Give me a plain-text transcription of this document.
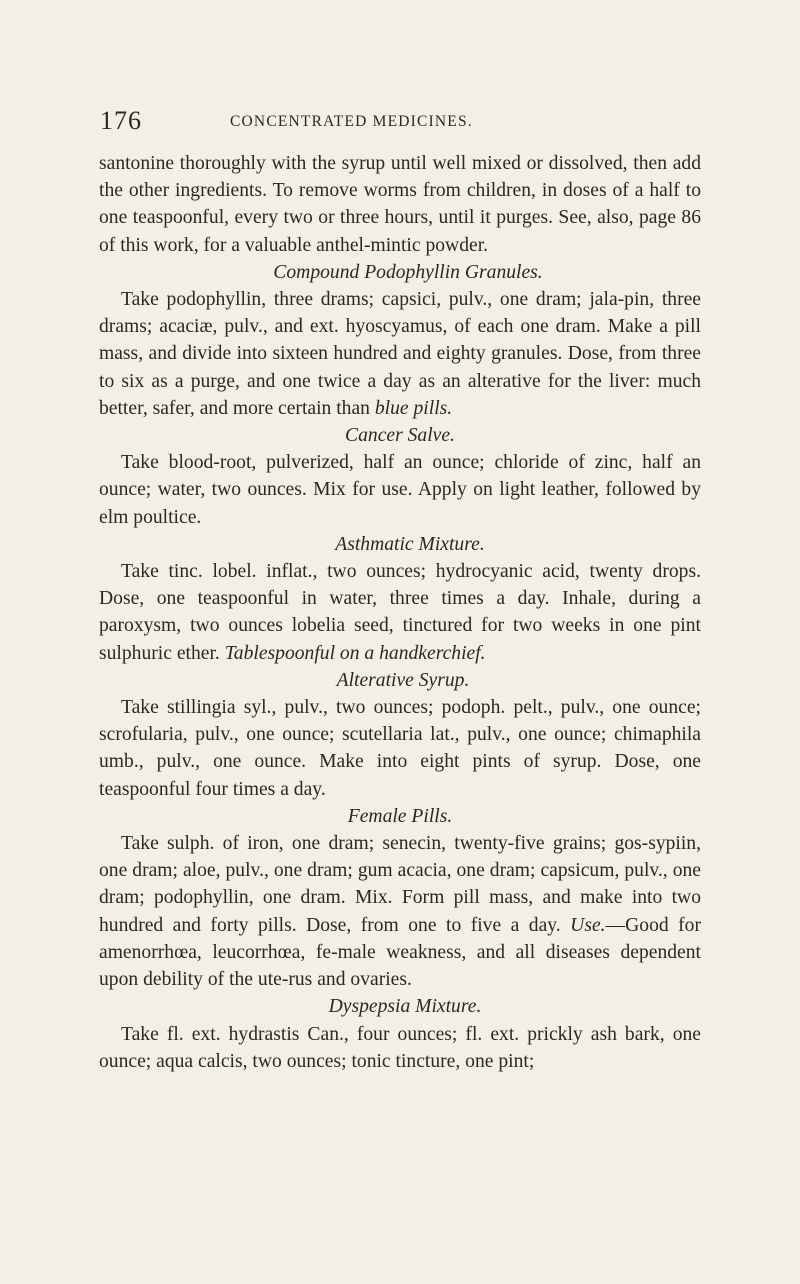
176	CONCENTRATED MEDICINES.

santonine thoroughly with the syrup until well mixed or dissolved, then add the other ingredients. To remove worms from children, in doses of a half to one teaspoonful, every two or three hours, until it purges. See, also, page 86 of this work, for a valuable anthel-mintic powder.

Compound Podophyllin Granules.

Take podophyllin, three drams; capsici, pulv., one dram; jala-pin, three drams; acaciæ, pulv., and ext. hyoscyamus, of each one dram. Make a pill mass, and divide into sixteen hundred and eighty granules. Dose, from three to six as a purge, and one twice a day as an alterative for the liver: much better, safer, and more certain than blue pills.

Cancer Salve.

Take blood-root, pulverized, half an ounce; chloride of zinc, half an ounce; water, two ounces. Mix for use. Apply on light leather, followed by elm poultice.

Asthmatic Mixture.

Take tinc. lobel. inflat., two ounces; hydrocyanic acid, twenty drops. Dose, one teaspoonful in water, three times a day. Inhale, during a paroxysm, two ounces lobelia seed, tinctured for two weeks in one pint sulphuric ether. Tablespoonful on a handkerchief.

Alterative Syrup.

Take stillingia syl., pulv., two ounces; podoph. pelt., pulv., one ounce; scrofularia, pulv., one ounce; scutellaria lat., pulv., one ounce; chimaphila umb., pulv., one ounce. Make into eight pints of syrup. Dose, one teaspoonful four times a day.

Female Pills.

Take sulph. of iron, one dram; senecin, twenty-five grains; gos-sypiin, one dram; aloe, pulv., one dram; gum acacia, one dram; capsicum, pulv., one dram; podophyllin, one dram. Mix. Form pill mass, and make into two hundred and forty pills. Dose, from one to five a day. Use.—Good for amenorrhœa, leucorrhœa, fe-male weakness, and all diseases dependent upon debility of the ute-rus and ovaries.

Dyspepsia Mixture.

Take fl. ext. hydrastis Can., four ounces; fl. ext. prickly ash bark, one ounce; aqua calcis, two ounces; tonic tincture, one pint;
